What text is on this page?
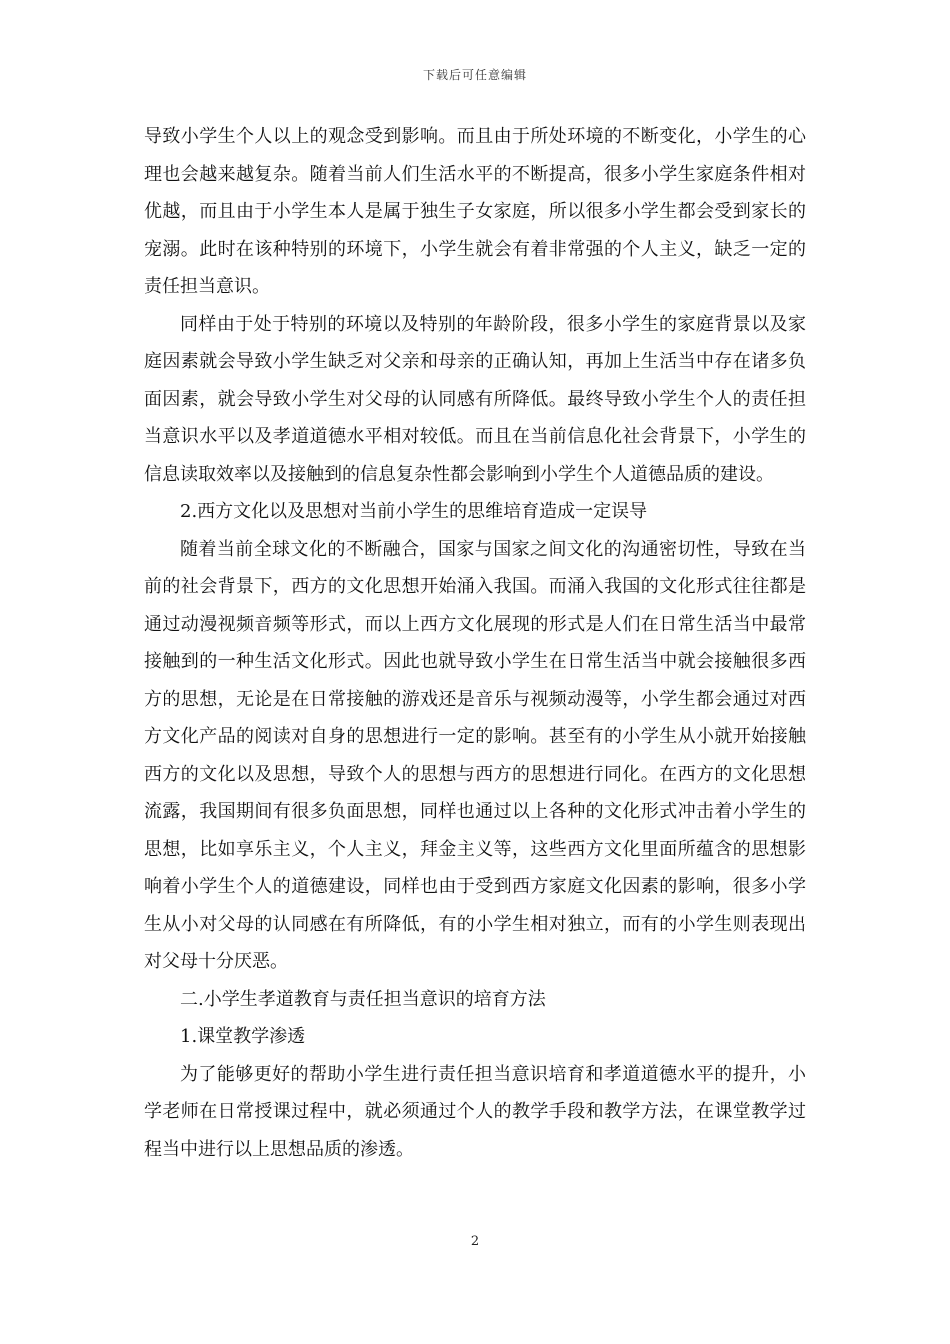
下载后可任意编辑

导致小学生个人以上的观念受到影响。而且由于所处环境的不断变化，小学生的心理也会越来越复杂。随着当前人们生活水平的不断提高，很多小学生家庭条件相对优越，而且由于小学生本人是属于独生子女家庭，所以很多小学生都会受到家长的宠溺。此时在该种特别的环境下，小学生就会有着非常强的个人主义，缺乏一定的责任担当意识。

同样由于处于特别的环境以及特别的年龄阶段，很多小学生的家庭背景以及家庭因素就会导致小学生缺乏对父亲和母亲的正确认知，再加上生活当中存在诸多负面因素，就会导致小学生对父母的认同感有所降低。最终导致小学生个人的责任担当意识水平以及孝道道德水平相对较低。而且在当前信息化社会背景下，小学生的信息读取效率以及接触到的信息复杂性都会影响到小学生个人道德品质的建设。

2.西方文化以及思想对当前小学生的思维培育造成一定误导

随着当前全球文化的不断融合，国家与国家之间文化的沟通密切性，导致在当前的社会背景下，西方的文化思想开始涌入我国。而涌入我国的文化形式往往都是通过动漫视频音频等形式，而以上西方文化展现的形式是人们在日常生活当中最常接触到的一种生活文化形式。因此也就导致小学生在日常生活当中就会接触很多西方的思想，无论是在日常接触的游戏还是音乐与视频动漫等，小学生都会通过对西方文化产品的阅读对自身的思想进行一定的影响。甚至有的小学生从小就开始接触西方的文化以及思想，导致个人的思想与西方的思想进行同化。在西方的文化思想流露，我国期间有很多负面思想，同样也通过以上各种的文化形式冲击着小学生的思想，比如享乐主义，个人主义，拜金主义等，这些西方文化里面所蕴含的思想影响着小学生个人的道德建设，同样也由于受到西方家庭文化因素的影响，很多小学生从小对父母的认同感在有所降低，有的小学生相对独立，而有的小学生则表现出对父母十分厌恶。

二.小学生孝道教育与责任担当意识的培育方法

1.课堂教学渗透

为了能够更好的帮助小学生进行责任担当意识培育和孝道道德水平的提升，小学老师在日常授课过程中，就必须通过个人的教学手段和教学方法，在课堂教学过程当中进行以上思想品质的渗透。

2
